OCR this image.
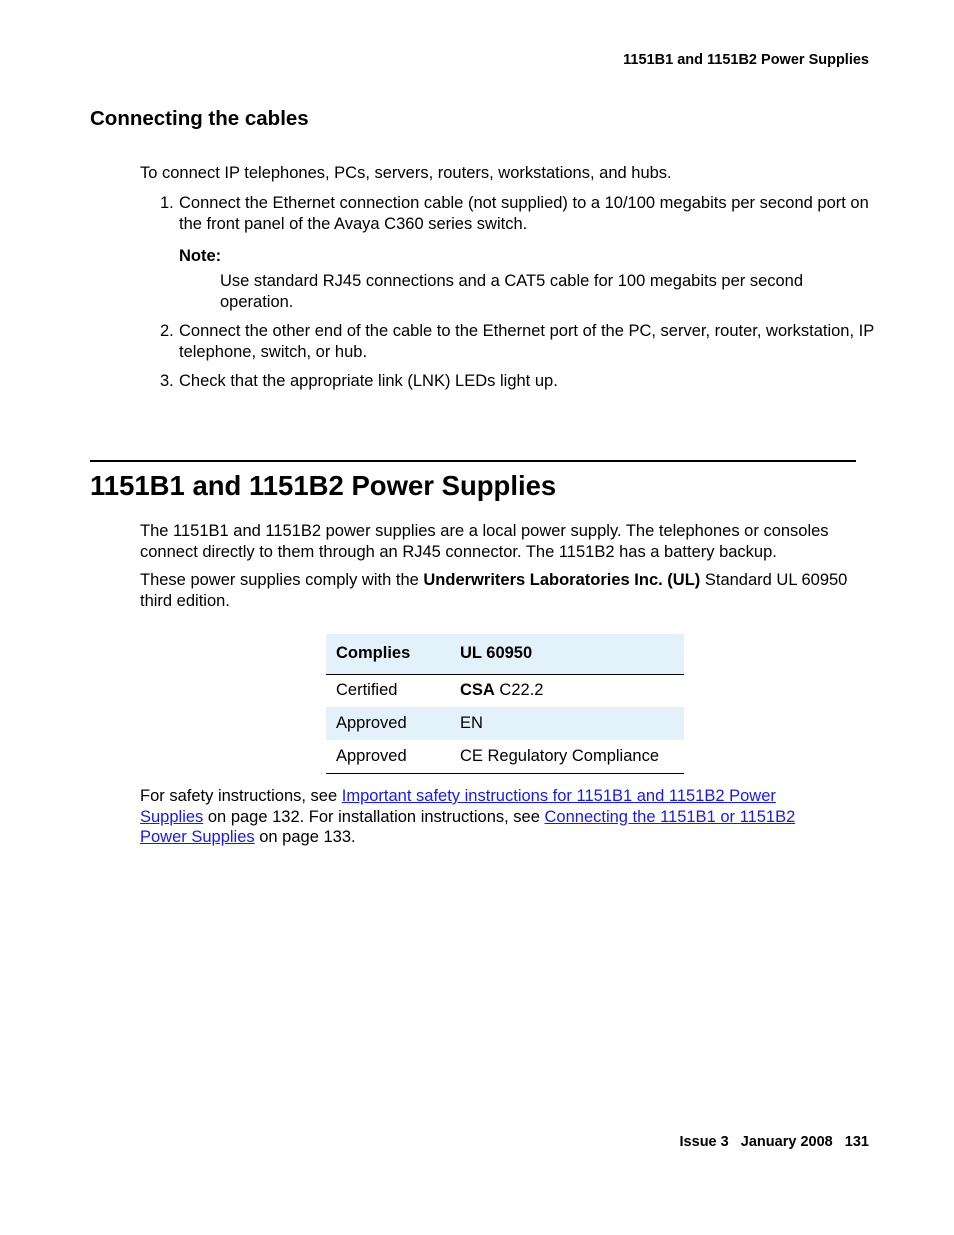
1151B1 and 1151B2 Power Supplies
Connecting the cables
To connect IP telephones, PCs, servers, routers, workstations, and hubs.
1. Connect the Ethernet connection cable (not supplied) to a 10/100 megabits per second port on the front panel of the Avaya C360 series switch.
Note:
Use standard RJ45 connections and a CAT5 cable for 100 megabits per second operation.
2. Connect the other end of the cable to the Ethernet port of the PC, server, router, workstation, IP telephone, switch, or hub.
3. Check that the appropriate link (LNK) LEDs light up.
1151B1 and 1151B2 Power Supplies

The 1151B1 and 1151B2 power supplies are a local power supply. The telephones or consoles connect directly to them through an RJ45 connector. The 1151B2 has a battery backup.

These power supplies comply with the Underwriters Laboratories Inc. (UL) Standard UL 60950 third edition.

Complies	UL 60950
Certified	CSA C22.2
Approved	EN
Approved	CE Regulatory Compliance

For safety instructions, see Important safety instructions for 1151B1 and 1151B2 Power Supplies on page 132. For installation instructions, see Connecting the 1151B1 or 1151B2 Power Supplies on page 133.

Issue 3 January 2008 131
